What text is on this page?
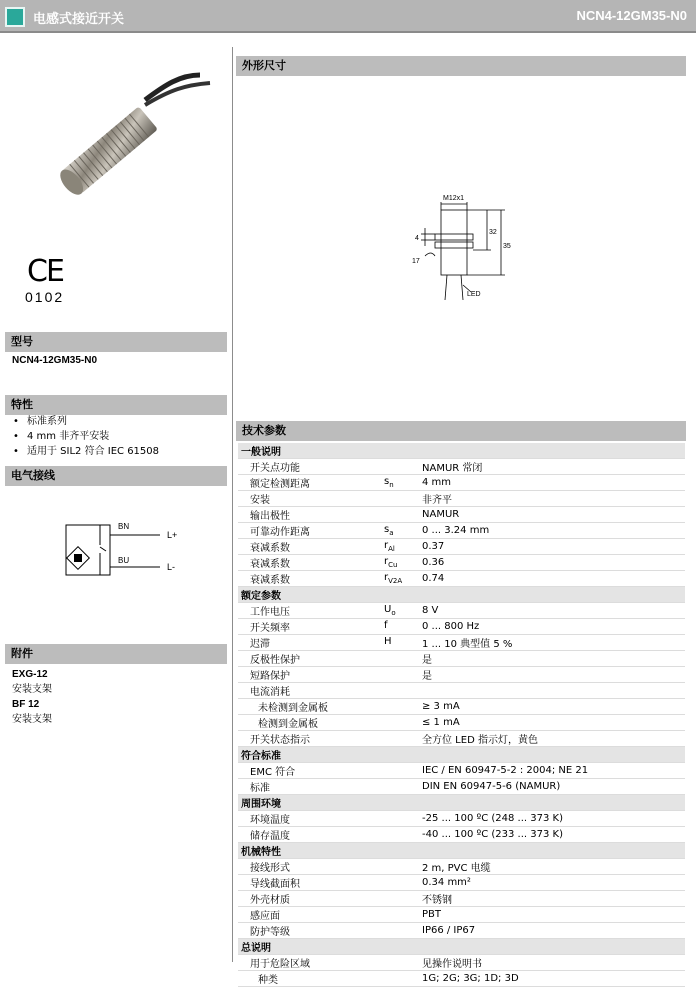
电感式接近开关	NCN4-12GM35-N0
CE
0102
型号
NCN4-12GM35-N0
特性
• 标准系列
• 4 mm 非齐平安装
• 适用于 SIL2 符合 IEC 61508
电气接线
BN
BU
L+
L-
附件
EXG-12
安装支架
BF 12
安装支架
外形尺寸
M12x1
4
17
32
35
LED
技术参数
一般说明		
开关点功能		NAMUR 常闭
额定检测距离	$s_n$	4 mm
安装		非齐平
输出极性		NAMUR
可靠动作距离	$s_a$	0 ... 3.24 mm
衰减系数	$r_{Al}$	0.37
衰减系数	$r_{Cu}$	0.36
衰减系数	$r_{V2A}$	0.74
额定参数		
工作电压	$U_o$	8 V
开关频率	f	0 ... 800 Hz
迟滞	H	1 ... 10 典型值 5 %
反极性保护		是
短路保护		是
电流消耗		
未检测到金属板		≥ 3 mA
检测到金属板		≤ 1 mA
开关状态指示		全方位 LED 指示灯，黄色
符合标准		
EMC 符合		IEC / EN 60947-5-2 : 2004; NE 21
标准		DIN EN 60947-5-6 (NAMUR)
周围环境		
环境温度		-25 ... 100 ºC (248 ... 373 K)
储存温度		-40 ... 100 ºC (233 ... 373 K)
机械特性		
接线形式		2 m, PVC 电缆
导线截面积		0.34 mm²
外壳材质		不锈钢
感应面		PBT
防护等级		IP66 / IP67
总说明		
用于危险区域		见操作说明书
种类		1G; 2G; 3G; 1D; 3D
